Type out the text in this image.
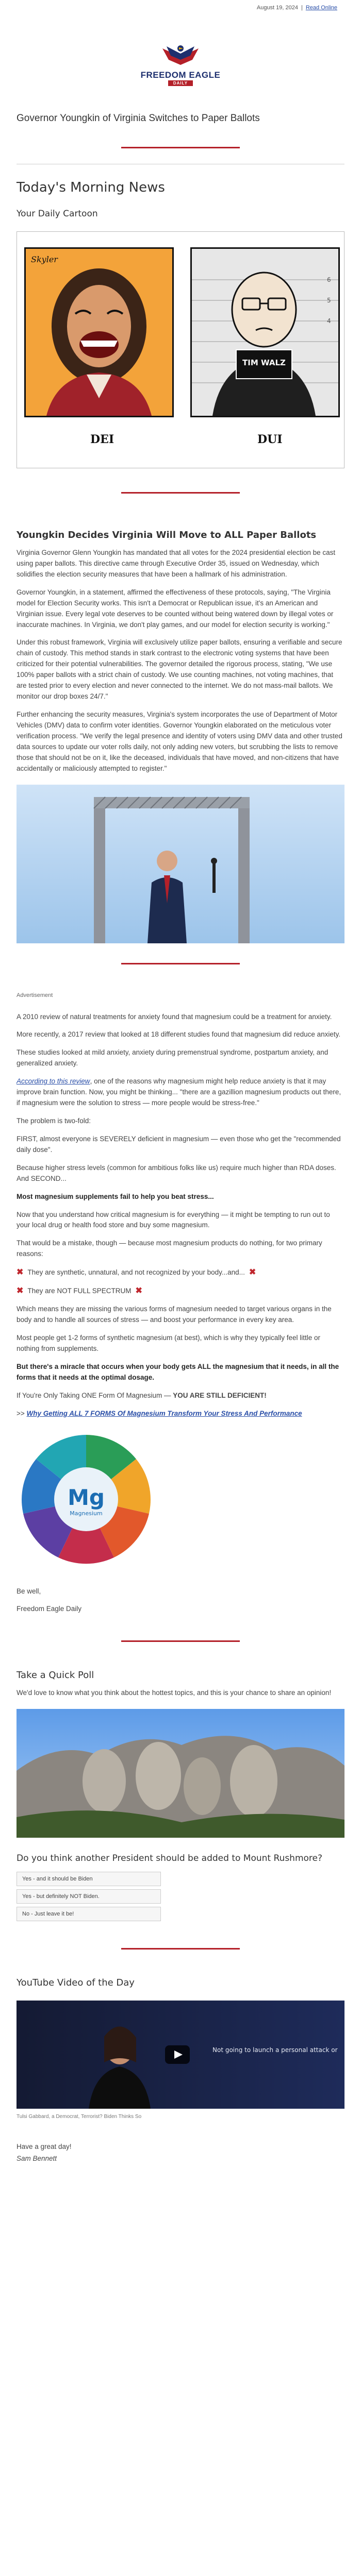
August 19, 2024 | Read Online
FREEDOM EAGLE
DAILY
Governor Youngkin of Virginia Switches to Paper Ballots
Today's Morning News
Your Daily Cartoon
Skyler
6
5
4
TIM WALZ
DEI	DUI
Youngkin Decides Virginia Will Move to ALL Paper Ballots

Virginia Governor Glenn Youngkin has mandated that all votes for the 2024 presidential election be cast using paper ballots. This directive came through Executive Order 35, issued on Wednesday, which solidifies the election security measures that have been a hallmark of his administration.

Governor Youngkin, in a statement, affirmed the effectiveness of these protocols, saying, "The Virginia model for Election Security works. This isn't a Democrat or Republican issue, it's an American and Virginian issue. Every legal vote deserves to be counted without being watered down by illegal votes or inaccurate machines. In Virginia, we don't play games, and our model for election security is working."

Under this robust framework, Virginia will exclusively utilize paper ballots, ensuring a verifiable and secure chain of custody. This method stands in stark contrast to the electronic voting systems that have been criticized for their potential vulnerabilities. The governor detailed the rigorous process, stating, "We use 100% paper ballots with a strict chain of custody. We use counting machines, not voting machines, that are tested prior to every election and never connected to the internet. We do not mass-mail ballots. We monitor our drop boxes 24/7."

Further enhancing the security measures, Virginia's system incorporates the use of Department of Motor Vehicles (DMV) data to confirm voter identities. Governor Youngkin elaborated on the meticulous voter verification process. "We verify the legal presence and identity of voters using DMV data and other trusted data sources to update our voter rolls daily, not only adding new voters, but scrubbing the lists to remove those that should not be on it, like the deceased, individuals that have moved, and non-citizens that have accidentally or maliciously attempted to register."

Advertisement

A 2010 review of natural treatments for anxiety found that magnesium could be a treatment for anxiety.

More recently, a 2017 review that looked at 18 different studies found that magnesium did reduce anxiety.

These studies looked at mild anxiety, anxiety during premenstrual syndrome, postpartum anxiety, and generalized anxiety.

According to this review, one of the reasons why magnesium might help reduce anxiety is that it may improve brain function. Now, you might be thinking... "there are a gazillion magnesium products out there, if magnesium were the solution to stress — more people would be stress-free."

The problem is two-fold:

FIRST, almost everyone is SEVERELY deficient in magnesium — even those who get the "recommended daily dose".

Because higher stress levels (common for ambitious folks like us) require much higher than RDA doses. And SECOND...

Most magnesium supplements fail to help you beat stress...

Now that you understand how critical magnesium is for everything — it might be tempting to run out to your local drug or health food store and buy some magnesium.

That would be a mistake, though — because most magnesium products do nothing, for two primary reasons:

✖ They are synthetic, unnatural, and not recognized by your body...and... ✖
✖ They are NOT FULL SPECTRUM ✖

Which means they are missing the various forms of magnesium needed to target various organs in the body and to handle all sources of stress — and boost your performance in every key area.

Most people get 1-2 forms of synthetic magnesium (at best), which is why they typically feel little or nothing from supplements.

But there's a miracle that occurs when your body gets ALL the magnesium that it needs, in all the forms that it needs at the optimal dosage.

If You're Only Taking ONE Form Of Magnesium — YOU ARE STILL DEFICIENT!

>> Why Getting ALL 7 FORMS Of Magnesium Transform Your Stress And Performance

Mg
Magnesium

Be well,

Freedom Eagle Daily

Take a Quick Poll

We'd love to know what you think about the hottest topics, and this is your chance to share an opinion!

Do you think another President should be added to Mount Rushmore?
Yes - and it should be Biden
Yes - but definitely NOT Biden.
No - Just leave it be!
YouTube Video of the Day
Not going to launch a personal attack or

Tulsi Gabbard, a Democrat, Terrorist? Biden Thinks So

Have a great day!

Sam Bennett
